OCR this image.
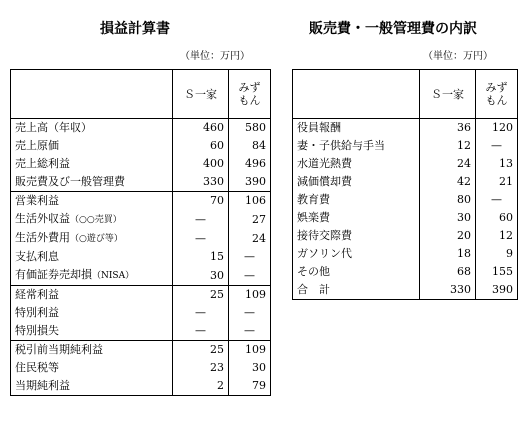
損益計算書
（単位：万円）
販売費・一般管理費の内訳
（単位：万円）
	Ｓ一家	みず
もん
売上高（年収）	460	580
売上原価	60	84
売上総利益	400	496
販売費及び一般管理費	330	390
営業利益	70	106
生活外収益（○○売買）	—	27
生活外費用（○遊び等）	—	24
支払利息	15	—
有価証券売却損（NISA）	30	—
経常利益	25	109
特別利益	—	—
特別損失	—	—
税引前当期純利益	25	109
住民税等	23	30
当期純利益	2	79
	Ｓ一家	みず
もん
役員報酬	36	120
妻・子供給与手当	12	—
水道光熱費	24	13
減価償却費	42	21
教育費	80	—
娯楽費	30	60
接待交際費	20	12
ガソリン代	18	9
その他	68	155
合　計	330	390
